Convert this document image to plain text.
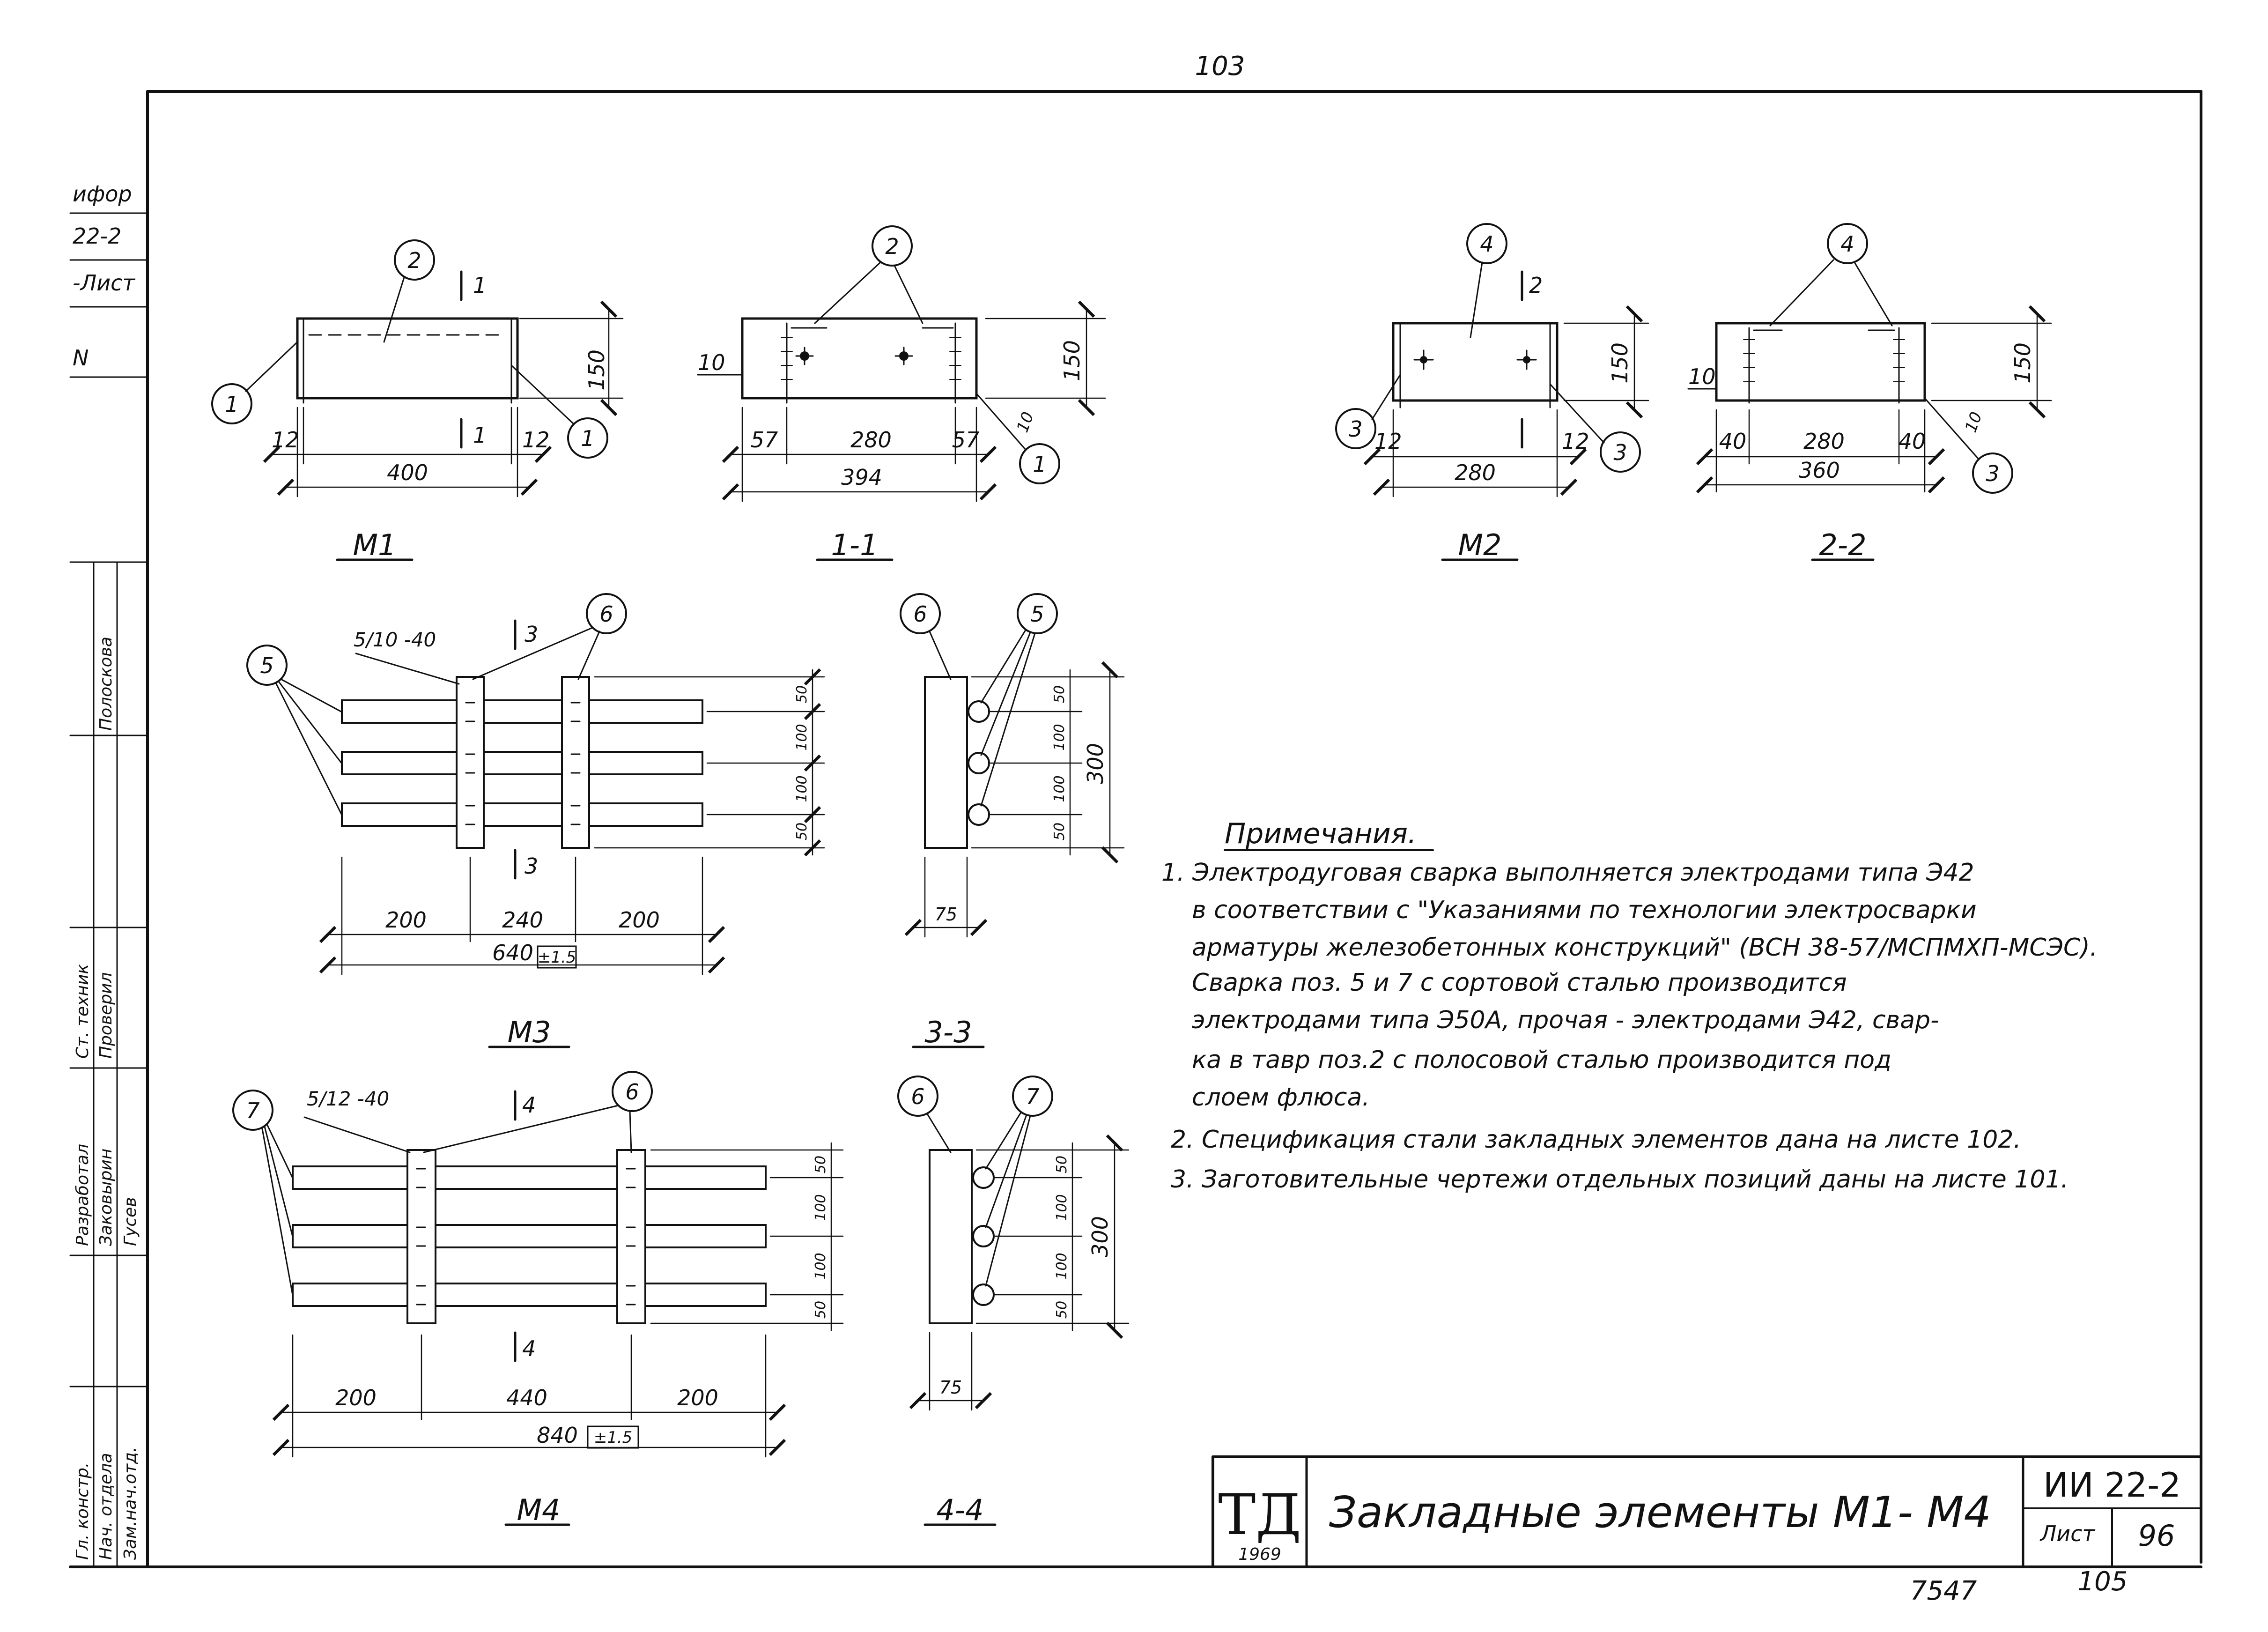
103
ифор
22-2
-Лист
N
Гл. констр. Нач. отдела Зам.нач.отд.
Ст. техник Проверил
Разработал
Полоскова
Заковырин Гусев
2
1
1
1
1
150
12	12
400
М1
2
1
10	150
10
57	280	57
394
1-1
4
3
3
2
150
12	12
280
М2
4
3
10	150
10
40	280 40
360
2-2
5
6
5/10 -40	3
3
50
100
100
50
200	240	200
640 ±1.5
М3
6	5
50
100
100
50
300
75
3-3
7
6
5/12 -40	4
4
50
100
100
50
200	440	200
840 ±1.5
М4
6	7
50
100
100
50
300
75
4-4
Примечания.
1. Электродуговая сварка выполняется электродами типа Э42
в соответствии с "Указаниями по технологии электросварки
арматуры железобетонных конструкций" (ВСН 38-57/МСПМХП-МСЭС).
Сварка поз. 5 и 7 с сортовой сталью производится
электродами типа Э50А, прочая - электродами Э42, свар-
ка в тавр поз.2 с полосовой сталью производится под
слоем флюса.
2. Спецификация стали закладных элементов дана на листе 102.
3. Заготовительные чертежи отдельных позиций даны на листе 101.
ТД
1969
Закладные элементы М1- М4
ИИ 22-2
Лист 96
7547	105
